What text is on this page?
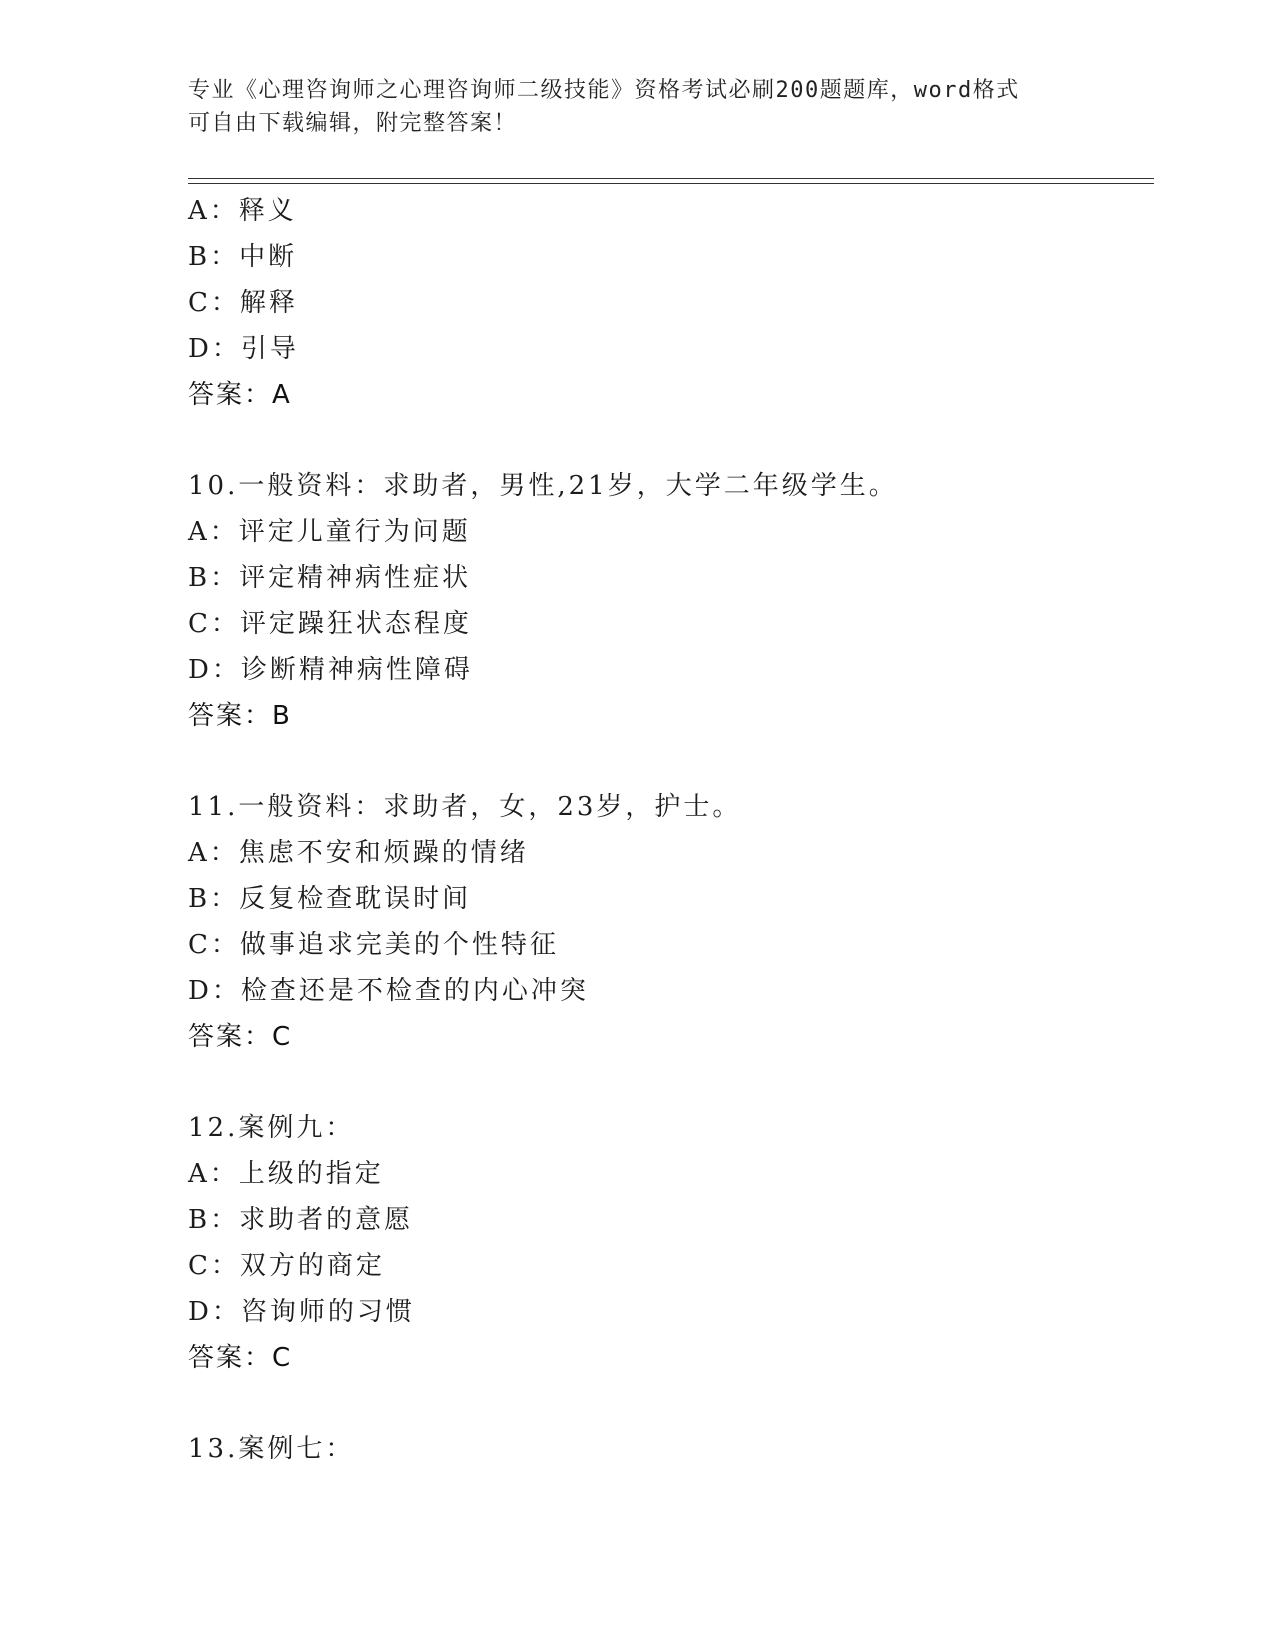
专业《心理咨询师之心理咨询师二级技能》资格考试必刷200题题库，word格式
可自由下载编辑，附完整答案！
A：释义
B：中断
C：解释
D：引导
答案：A
10.一般资料：求助者，男性,21岁，大学二年级学生。
A：评定儿童行为问题
B：评定精神病性症状
C：评定躁狂状态程度
D：诊断精神病性障碍
答案：B
11.一般资料：求助者，女，23岁，护士。
A：焦虑不安和烦躁的情绪
B：反复检查耽误时间
C：做事追求完美的个性特征
D：检查还是不检查的内心冲突
答案：C
12.案例九：
A：上级的指定
B：求助者的意愿
C：双方的商定
D：咨询师的习惯
答案：C
13.案例七：
